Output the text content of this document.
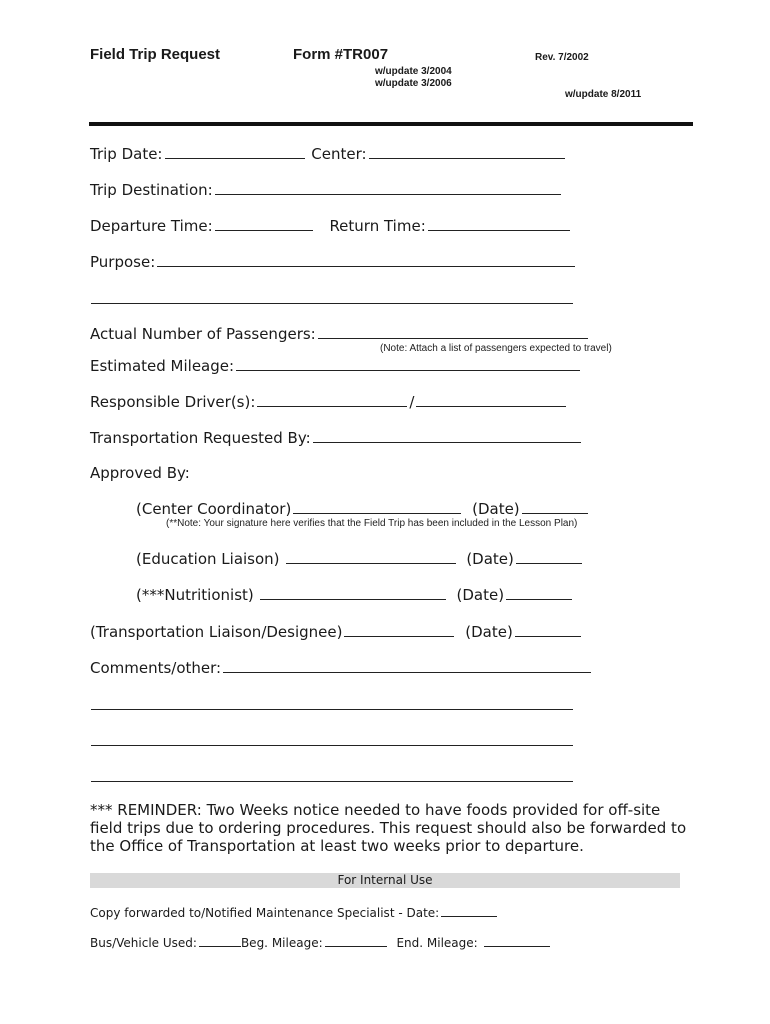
Field Trip Request	Form #TR007	Rev. 7/2002
w/update 3/2004
w/update 3/2006
w/update 8/2011
Trip Date:	Center:
Trip Destination:
Departure Time:	Return Time:
Purpose:
Actual Number of Passengers:
(Note: Attach a list of passengers expected to travel)
Estimated Mileage:
Responsible Driver(s):	/
Transportation Requested By:
Approved By:
(Center Coordinator)	(Date)
(**Note: Your signature here verifies that the Field Trip has been included in the Lesson Plan)
(Education Liaison)	(Date)
(***Nutritionist)	(Date)
(Transportation Liaison/Designee)	(Date)
Comments/other:
*** REMINDER: Two Weeks notice needed to have foods provided for off-site field trips due to ordering procedures. This request should also be forwarded to the Office of Transportation at least two weeks prior to departure.
For Internal Use
Copy forwarded to/Notified Maintenance Specialist - Date:
Bus/Vehicle Used:	Beg. Mileage:	End. Mileage:
